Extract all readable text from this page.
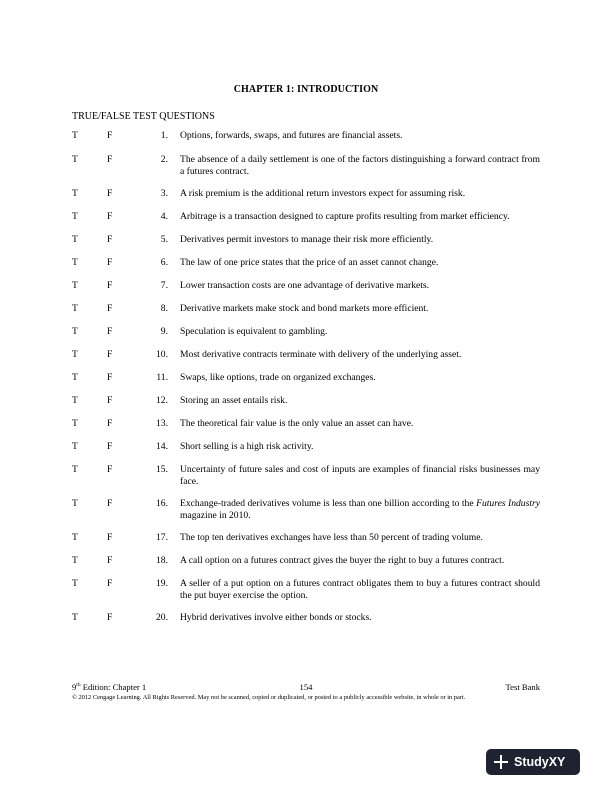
CHAPTER 1: INTRODUCTION
TRUE/FALSE TEST QUESTIONS
T	F	1. Options, forwards, swaps, and futures are financial assets.
T	F	2. The absence of a daily settlement is one of the factors distinguishing a forward contract from a futures contract.
T	F	3. A risk premium is the additional return investors expect for assuming risk.
T	F	4. Arbitrage is a transaction designed to capture profits resulting from market efficiency.
T	F	5. Derivatives permit investors to manage their risk more efficiently.
T	F	6. The law of one price states that the price of an asset cannot change.
T	F	7. Lower transaction costs are one advantage of derivative markets.
T	F	8. Derivative markets make stock and bond markets more efficient.
T	F	9. Speculation is equivalent to gambling.
T	F	10. Most derivative contracts terminate with delivery of the underlying asset.
T	F	11. Swaps, like options, trade on organized exchanges.
T	F	12. Storing an asset entails risk.
T	F	13. The theoretical fair value is the only value an asset can have.
T	F	14. Short selling is a high risk activity.
T	F	15. Uncertainty of future sales and cost of inputs are examples of financial risks businesses may face.
T	F	16. Exchange-traded derivatives volume is less than one billion according to the Futures Industry magazine in 2010.
T	F	17. The top ten derivatives exchanges have less than 50 percent of trading volume.
T	F	18. A call option on a futures contract gives the buyer the right to buy a futures contract.
T	F	19. A seller of a put option on a futures contract obligates them to buy a futures contract should the put buyer exercise the option.
T	F	20. Hybrid derivatives involve either bonds or stocks.
9th Edition: Chapter 1	154	Test Bank
© 2012 Cengage Learning. All Rights Reserved. May not be scanned, copied or duplicated, or posted to a publicly accessible website, in whole or in part.
StudyXY
